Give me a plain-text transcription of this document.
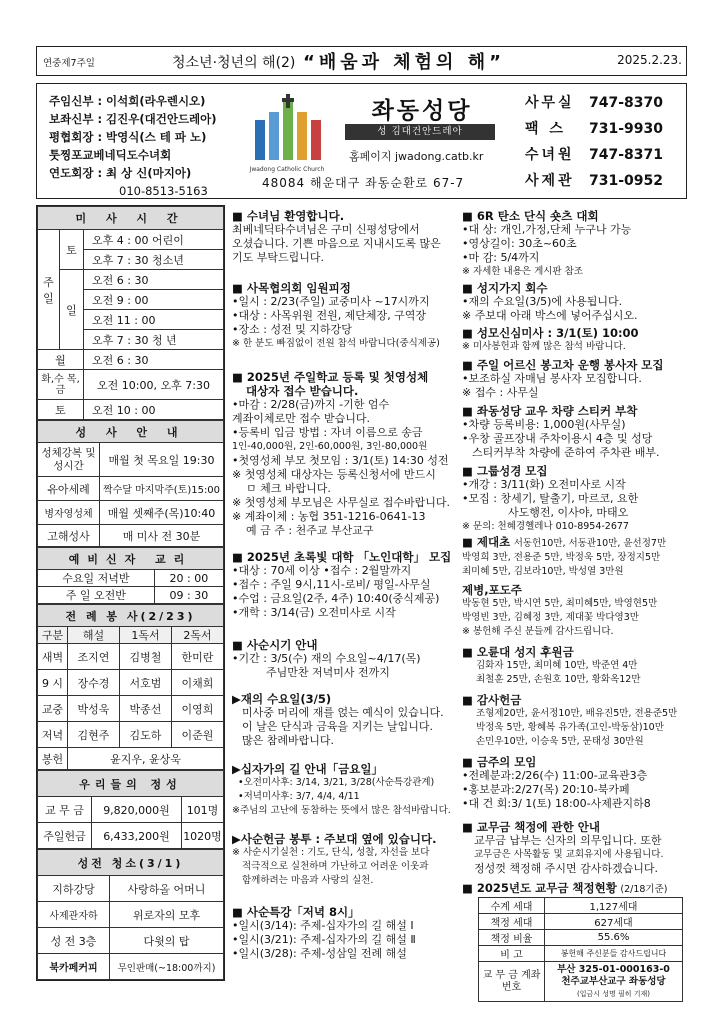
연중제7주일	청소년·청년의 해(2) “배움과 체험의 해”	2025.2.23.
주임신부 : 이석희(라우렌시오)
보좌신부 : 김진우(대건안드레아)
평협회장 : 박영식(스 테 파 노)
툿찡포교베네딕도수녀회
연도회장 : 최 상 신(마지아)
010-8513-5163
Jwadong Catholic Church
좌동성당
성 김대건안드레아
홈페이지 jwadong.catb.kr
48084 해운대구 좌동순환로 67-7
사무실 747-8370
팩 스 731-9930
수녀원 747-8371
사제관 731-0952
미 사 시 간		
주일	토	오후 4 : 00 어린이
		오후 7 : 30 청소년
	일	오전 6 : 30
		오전 9 : 00
		오전 11 : 00
		오후 7 : 30 청 년
월		오전 6 : 30
화,수 목,금		오전 10:00, 오후 7:30
토		오전 10 : 00
성 사 안 내	
성체강복 및성시간	매월 첫 목요일 19:30
유아세례	짝수달 마지막주(토)15:00
병자영성체	매월 셋째주(목)10:40
고해성사	매 미사 전 30분
예비신자 교리	
수요일 저녁반	20 : 00
주 일 오전반	09 : 30
전 례 봉 사(2/23)			
구분	해설	1독서	2독서
새벽	조지연	김병철	한미란
9 시	장수경	서호범	이채희
교중	박성욱	박종선	이영희
저녁	김현주	김도하	이준원
봉헌	윤지우, 윤상욱		
우리들의 정성		
교 무 금	9,820,000원	101명
주일헌금	6,433,200원	1020명
성전 청소(3/1)	
지하강당	사랑하올 어머니
사제관자하	위로자의 모후
성 전 3층	다윗의 탑
북카페커피	무인판매(~18:00까지)
■ 수녀님 환영합니다.
최베네딕타수녀님은 구미 신평성당에서
오셨습니다. 기쁜 마음으로 지내시도록 많은
기도 부탁드립니다.
■ 사목협의회 임원피정
•일시 : 2/23(주일) 교중미사 ~17시까지
•대상 : 사목위원 전원, 제단체장, 구역장
•장소 : 성전 및 지하강당
※ 한 분도 빠짐없이 전원 참석 바랍니다(중식제공)
■ 2025년 주일학교 등록 및 첫영성체
대상자 접수 받습니다.
•마감 : 2/28(금)까지 -기한 엄수
계좌이체로만 접수 받습니다.
•등록비 입금 방법 : 자녀 이름으로 송금
1인-40,000원, 2인-60,000원, 3인-80,000원
•첫영성체 부모 첫모임 : 3/1(토) 14:30 성전
※ 첫영성체 대상자는 등록신청서에 반드시
ㅁ 체크 바랍니다.
※ 첫영성체 부모님은 사무실로 접수바랍니다.
※ 계좌이체 : 농협 351-1216-0641-13
예 금 주 : 천주교 부산교구
■ 2025년 초록빛 대학 「노인대학」 모집
•대상 : 70세 이상 •접수 : 2월말까지
•접수 : 주일 9시,11시-로비/ 평일-사무실
•수업 : 금요일(2주, 4주) 10:40(중식제공)
•개학 : 3/14(금) 오전미사로 시작
■ 사순시기 안내
•기간 : 3/5(수) 재의 수요일~4/17(목)
주님만찬 저녁미사 전까지
▶재의 수요일(3/5)
미사중 머리에 재를 얹는 예식이 있습니다.
이 날은 단식과 금육을 지키는 날입니다.
많은 참례바랍니다.
▶십자가의 길 안내「금요일」
•오전미사후: 3/14, 3/21, 3/28(사순특강관계)
•저녁미사후: 3/7, 4/4, 4/11
※주님의 고난에 동참하는 뜻에서 많은 참석바랍니다.
▶사순헌금 봉투 : 주보대 옆에 있습니다.
※ 사순시기실천 : 기도, 단식, 성찰, 자선을 보다
적극적으로 실천하며 가난하고 어려운 이웃과
함께하려는 마음과 사랑의 실천.
■ 사순특강「저녁 8시」
•일시(3/14): 주제-십자가의 길 해설 Ⅰ
•일시(3/21): 주제-십자가의 길 해설 Ⅱ
•일시(3/28): 주제-성삼일 전례 해설
■ 6R 탄소 단식 숏츠 대회
•대 상: 개인,가정,단체 누구나 가능
•영상길이: 30초~60초
•마 감: 5/4까지
※ 자세한 내용은 게시판 참조
■ 성지가지 회수
•재의 수요일(3/5)에 사용됩니다.
※ 주보대 아래 박스에 넣어주십시오.
■ 성모신심미사 : 3/1(토) 10:00
※ 미사봉헌과 함께 많은 참석 바랍니다.
■ 주일 어르신 봉고차 운행 봉사자 모집
•보조하실 자매님 봉사자 모집합니다.
※ 접수 : 사무실
■ 좌동성당 교우 차량 스티커 부착
•차량 등록비용: 1,000원(사무실)
•우창 골프장내 주차이용시 4층 및 성당
스티커부착 차량에 준하여 주차관 배부.
■ 그룹성경 모집
•개강 : 3/11(화) 오전미사로 시작
•모집 : 창세기, 탈출기, 마르코, 요한
사도행전, 이사야, 마태오
※ 문의: 천혜경헬레나 010-8954-2677
■ 제대초 서동헌10만, 서동관10만, 윤선정7만
박영희 3만, 전용준 5만, 박정욱 5만, 장정지5만
최미혜 5만, 김보라10만, 박성열 3만원
제병,포도주
박동현 5만, 박시연 5만, 최미혜5만, 박영현5만
박영빈 3만, 김혜정 3만, 제대꽃 박다영3만
※ 봉헌해 주신 분들께 감사드립니다.
■ 오륜대 성지 후원금
김화자 15만, 최미혜 10만, 박준연 4만
최철훈 25만, 손원호 10만, 황화옥12만
■ 감사헌금
조형제20만, 윤서정10만, 배유진5만, 전용준5만
박정욱 5만, 황혜복 유가족(고인-박동삼)10만
손민우10만, 이승욱 5만, 문태성 30만원
■ 금주의 모임
•전례분과:2/26(수) 11:00-교육관3층
•홍보분과:2/27(목) 20:10-북카페
•대 건 회:3/ 1(토) 18:00-사제관지하8
■ 교무금 책정에 관한 안내
교무금 납부는 신자의 의무입니다. 또한
교무금은 사목활동 및 교회유지에 사용됩니다.
정성껏 책정해 주시면 감사하겠습니다.
■ 2025년도 교무금 책정현황 (2/18기준)
수계 세대	1,127세대
책정 세대	627세대
책정 비율	55.6%
비 고	봉헌해 주신분들 감사드립니다
교 무 금 계좌번호	부산 325-01-000163-0
천주교부산교구 좌동성당
(입금시 성명 필히 기재)
